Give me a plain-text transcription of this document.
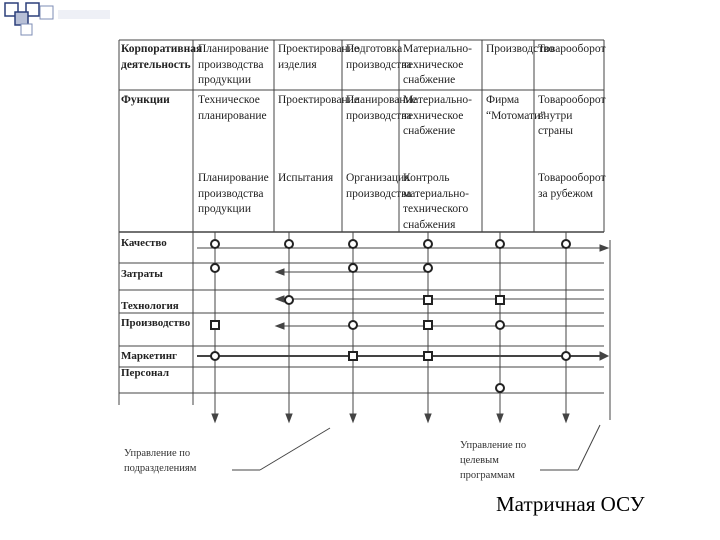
Корпоративная деятельность
Планирование производства продукции
Проектирование изделия
Подготовка производства
Материально-техническое снабжение
Производство
Товарооборот
Функции	Техническое планирование
Проектирование
Планирование производства
Материально-техническое снабжение
Фирма “Мотомати”
Товарооборот внутри страны
Планирование производства продукции
Испытания	Организация производства
Контроль материально-технического снабжения
Товарооборот за рубежом
Качество
Затраты
Технология
Производство
Маркетинг
Персонал
Управление по подразделениям
Управление по целевым программам
Матричная ОСУ
